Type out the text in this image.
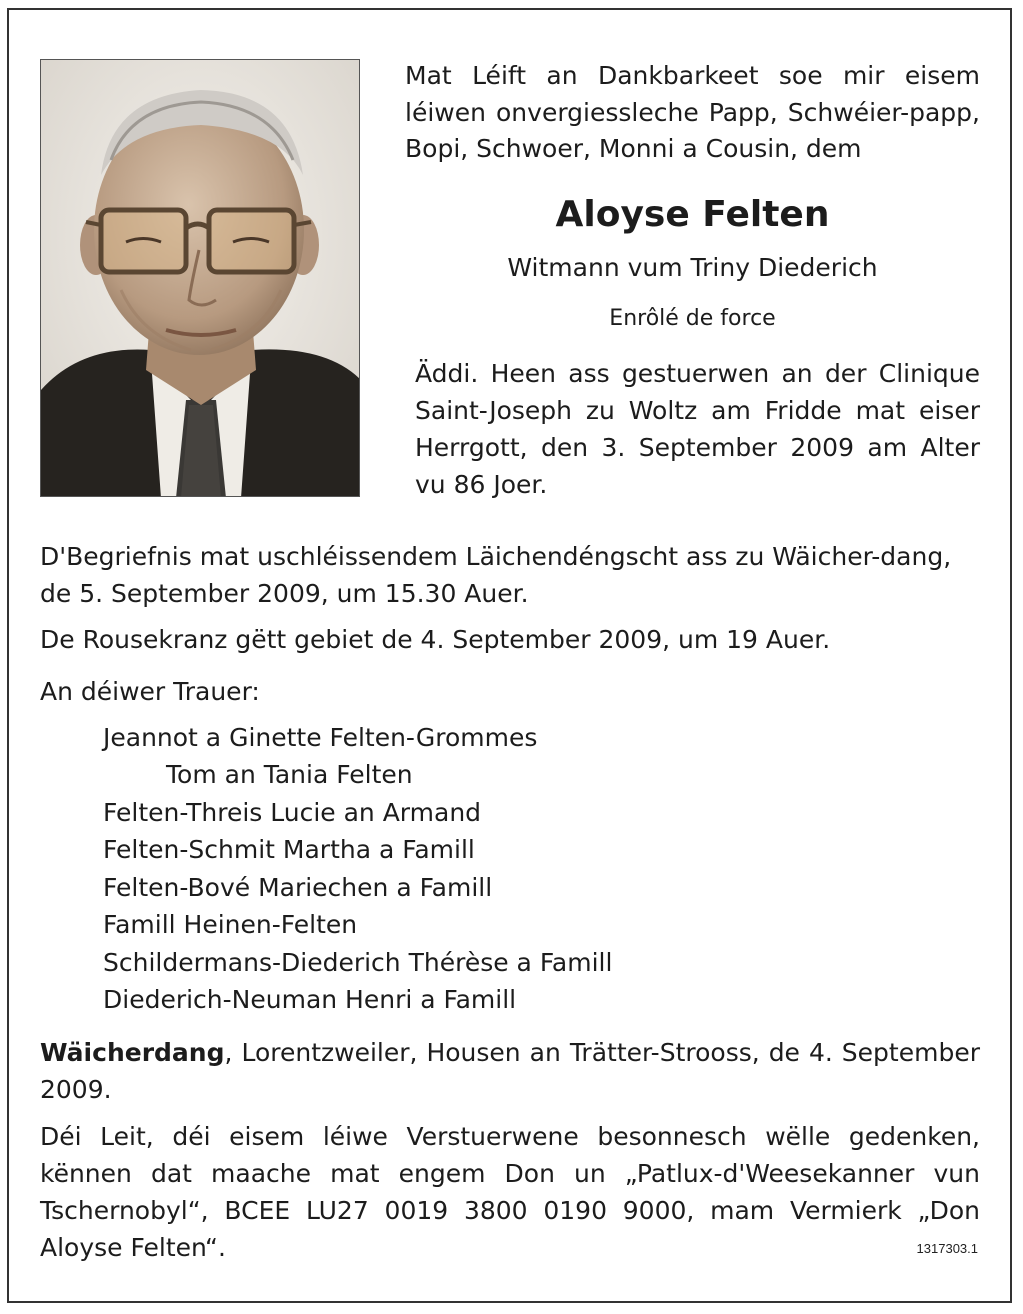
Mat Léift an Dankbarkeet soe mir eisem léiwen onvergiesslechе Papp, Schwéier-papp, Bopi, Schwoer, Monni a Cousin, dem
Aloyse Felten
Witmann vum Triny Diederich
Enrôlé de force
Äddi. Heen ass gestuerwen an der Clinique Saint-Joseph zu Woltz am Fridde mat eiser Herrgott, den 3. September 2009 am Alter vu 86 Joer.
D'Begriefnis mat uschléissendem Läichendéngscht ass zu Wäicher-dang, de 5. September 2009, um 15.30 Auer.
De Rousekranz gëtt gebiet de 4. September 2009, um 19 Auer.
An déiwer Trauer:
Jeannot a Ginette Felten-Grommes
Tom an Tania Felten
Felten-Threis Lucie an Armand
Felten-Schmit Martha a Famill
Felten-Bové Mariechen a Famill
Famill Heinen-Felten
Schildermans-Diederich Thérèse a Famill
Diederich-Neuman Henri a Famill
Wäicherdang, Lorentzweiler, Housen an Trätter-Strooss, de 4. September 2009.
Déi Leit, déi eisem léiwe Verstuerwene besonnesch wëlle gedenken, kënnen dat maache mat engem Don un „Patlux-d'Weesekanner vun Tschernobyl“, BCEE LU27 0019 3800 0190 9000, mam Vermierk „Don Aloyse Felten“.	1317303.1
